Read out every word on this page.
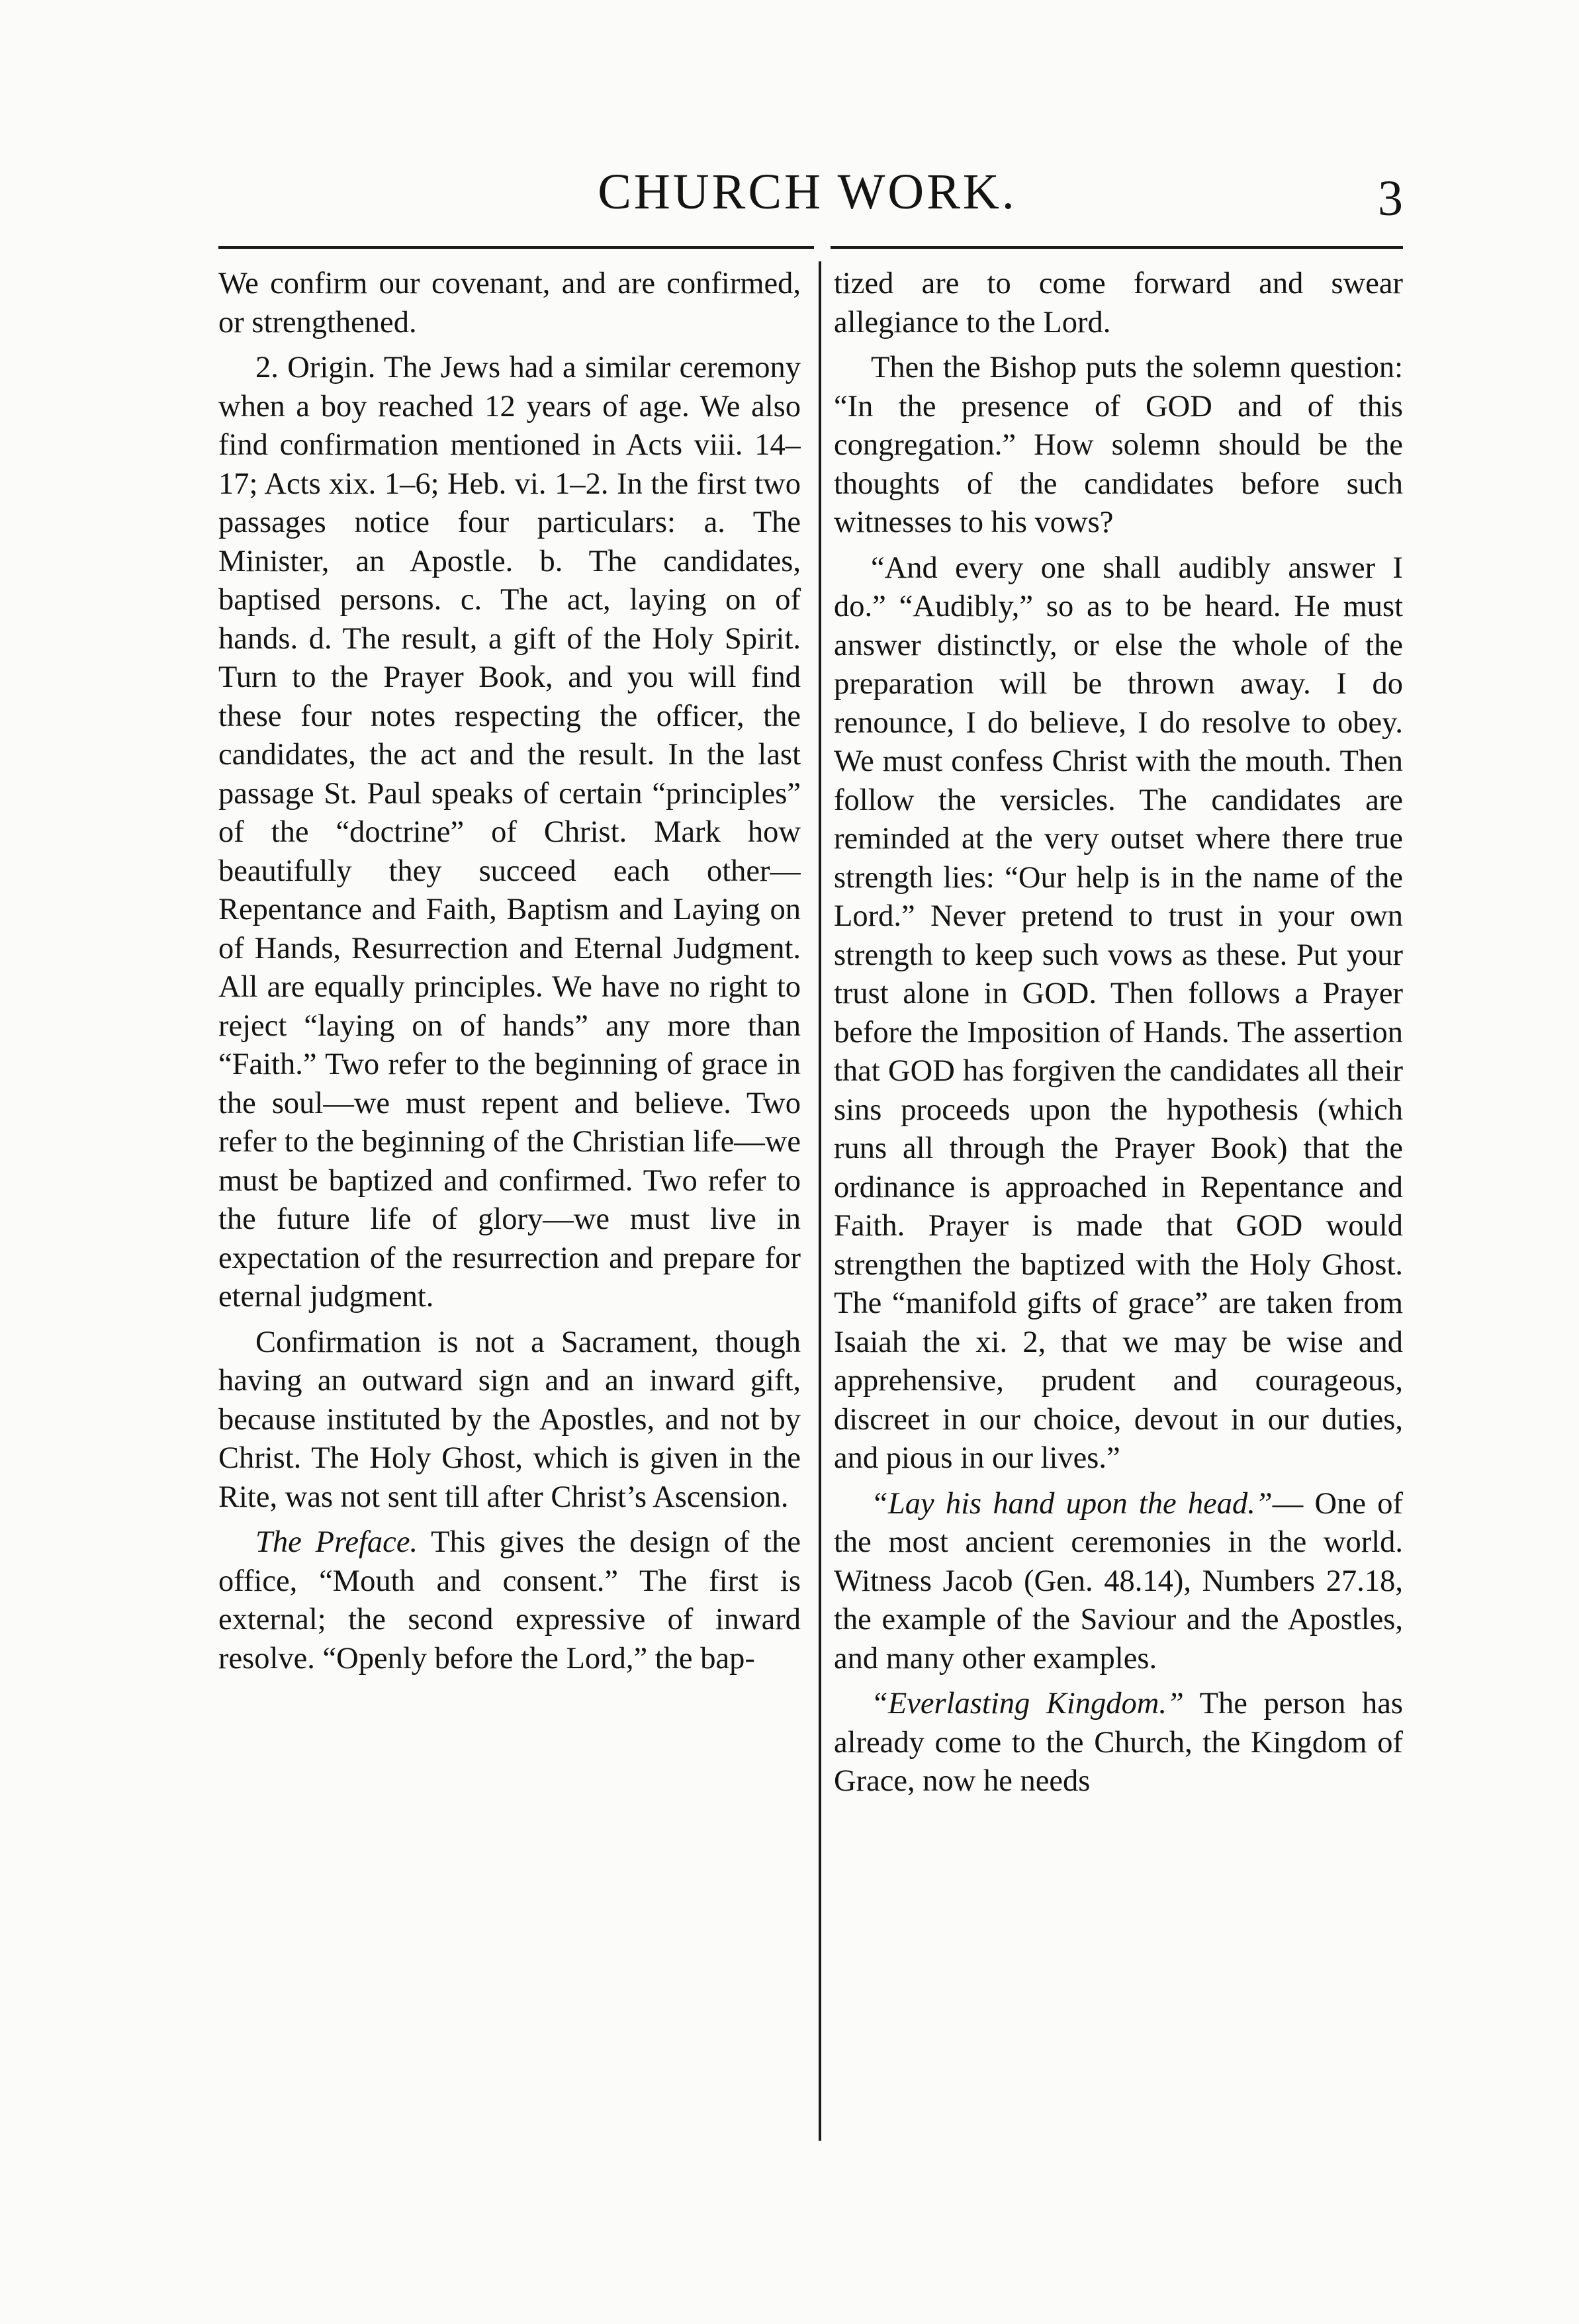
CHURCH WORK.	3

We confirm our covenant, and are confirmed, or strengthened.

2. Origin. The Jews had a similar ceremony when a boy reached 12 years of age. We also find confirmation mentioned in Acts viii. 14–17; Acts xix. 1–6; Heb. vi. 1–2. In the first two passages notice four particulars: a. The Minister, an Apostle. b. The candidates, baptised persons. c. The act, laying on of hands. d. The result, a gift of the Holy Spirit. Turn to the Prayer Book, and you will find these four notes respecting the officer, the candidates, the act and the result. In the last passage St. Paul speaks of certain “principles” of the “doctrine” of Christ. Mark how beautifully they succeed each other—Repentance and Faith, Baptism and Laying on of Hands, Resurrection and Eternal Judgment. All are equally principles. We have no right to reject “laying on of hands” any more than “Faith.” Two refer to the beginning of grace in the soul—we must repent and believe. Two refer to the beginning of the Christian life—we must be baptized and confirmed. Two refer to the future life of glory—we must live in expectation of the resurrection and prepare for eternal judgment.

Confirmation is not a Sacrament, though having an outward sign and an inward gift, because instituted by the Apostles, and not by Christ. The Holy Ghost, which is given in the Rite, was not sent till after Christ’s Ascension.

The Preface. This gives the design of the office, “Mouth and consent.” The first is external; the second expressive of inward resolve. “Openly before the Lord,” the bap-

tized are to come forward and swear allegiance to the Lord.

Then the Bishop puts the solemn question: “In the presence of GOD and of this congregation.” How solemn should be the thoughts of the candidates before such witnesses to his vows?

“And every one shall audibly answer I do.” “Audibly,” so as to be heard. He must answer distinctly, or else the whole of the preparation will be thrown away. I do renounce, I do believe, I do resolve to obey. We must confess Christ with the mouth. Then follow the versicles. The candidates are reminded at the very outset where there true strength lies: “Our help is in the name of the Lord.” Never pretend to trust in your own strength to keep such vows as these. Put your trust alone in GOD. Then follows a Prayer before the Imposition of Hands. The assertion that GOD has forgiven the candidates all their sins proceeds upon the hypothesis (which runs all through the Prayer Book) that the ordinance is approached in Repentance and Faith. Prayer is made that GOD would strengthen the baptized with the Holy Ghost. The “manifold gifts of grace” are taken from Isaiah the xi. 2, that we may be wise and apprehensive, prudent and courageous, discreet in our choice, devout in our duties, and pious in our lives.”

“Lay his hand upon the head.”— One of the most ancient ceremonies in the world. Witness Jacob (Gen. 48.14), Numbers 27.18, the example of the Saviour and the Apostles, and many other examples.

“Everlasting Kingdom.” The person has already come to the Church, the Kingdom of Grace, now he needs
